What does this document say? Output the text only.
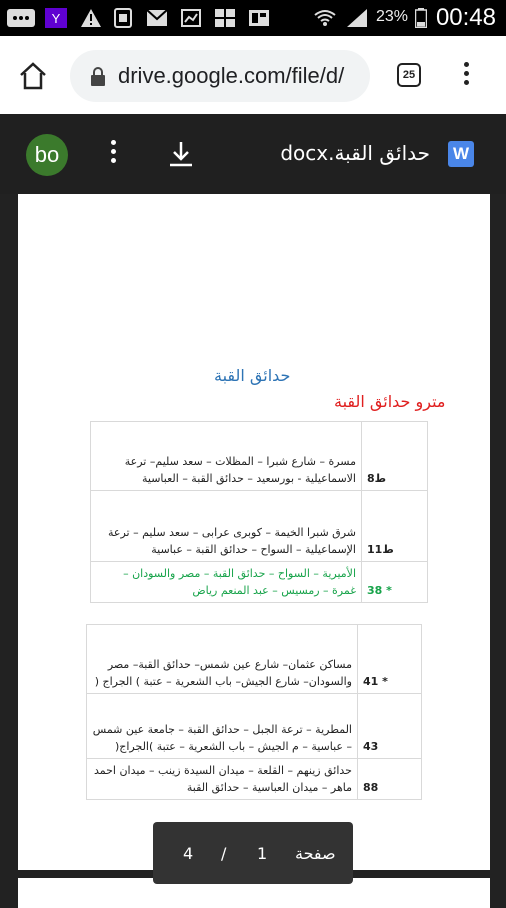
Y	23% 00:48
drive.google.com/file/d/	25
bo	حدائق القبة.docx W
حدائق القبة
مترو حدائق القبة
مسرة – شارع شبرا – المظلات – سعد سليم– ترعة الاسماعيلية - بورسعيد – حدائق القبة – العباسية	8ط
شرق شبرا الخيمة – كوبرى عرابى – سعد سليم – ترعة الإسماعيلية – السواح – حدائق القبة – عباسية	11ط
الأميرية – السواح – حدائق القبة – مصر والسودان – غمرة – رمسيس – عبد المنعم رياض	38 *
مساكن عثمان– شارع عين شمس– حدائق القبة– مصر والسودان– شارع الجيش– باب الشعرية – عتبة ) الجراج (	41 *
المطرية – ترعة الجبل – حدائق القبة – جامعة عين شمس – عباسية – م الجيش – باب الشعرية – عتبة )الجراج(	43
حدائق زينهم – القلعة – ميدان السيدة زينب – ميدان احمد ماهر – ميدان العباسية – حدائق القبة	88
4 / 1 صفحة
